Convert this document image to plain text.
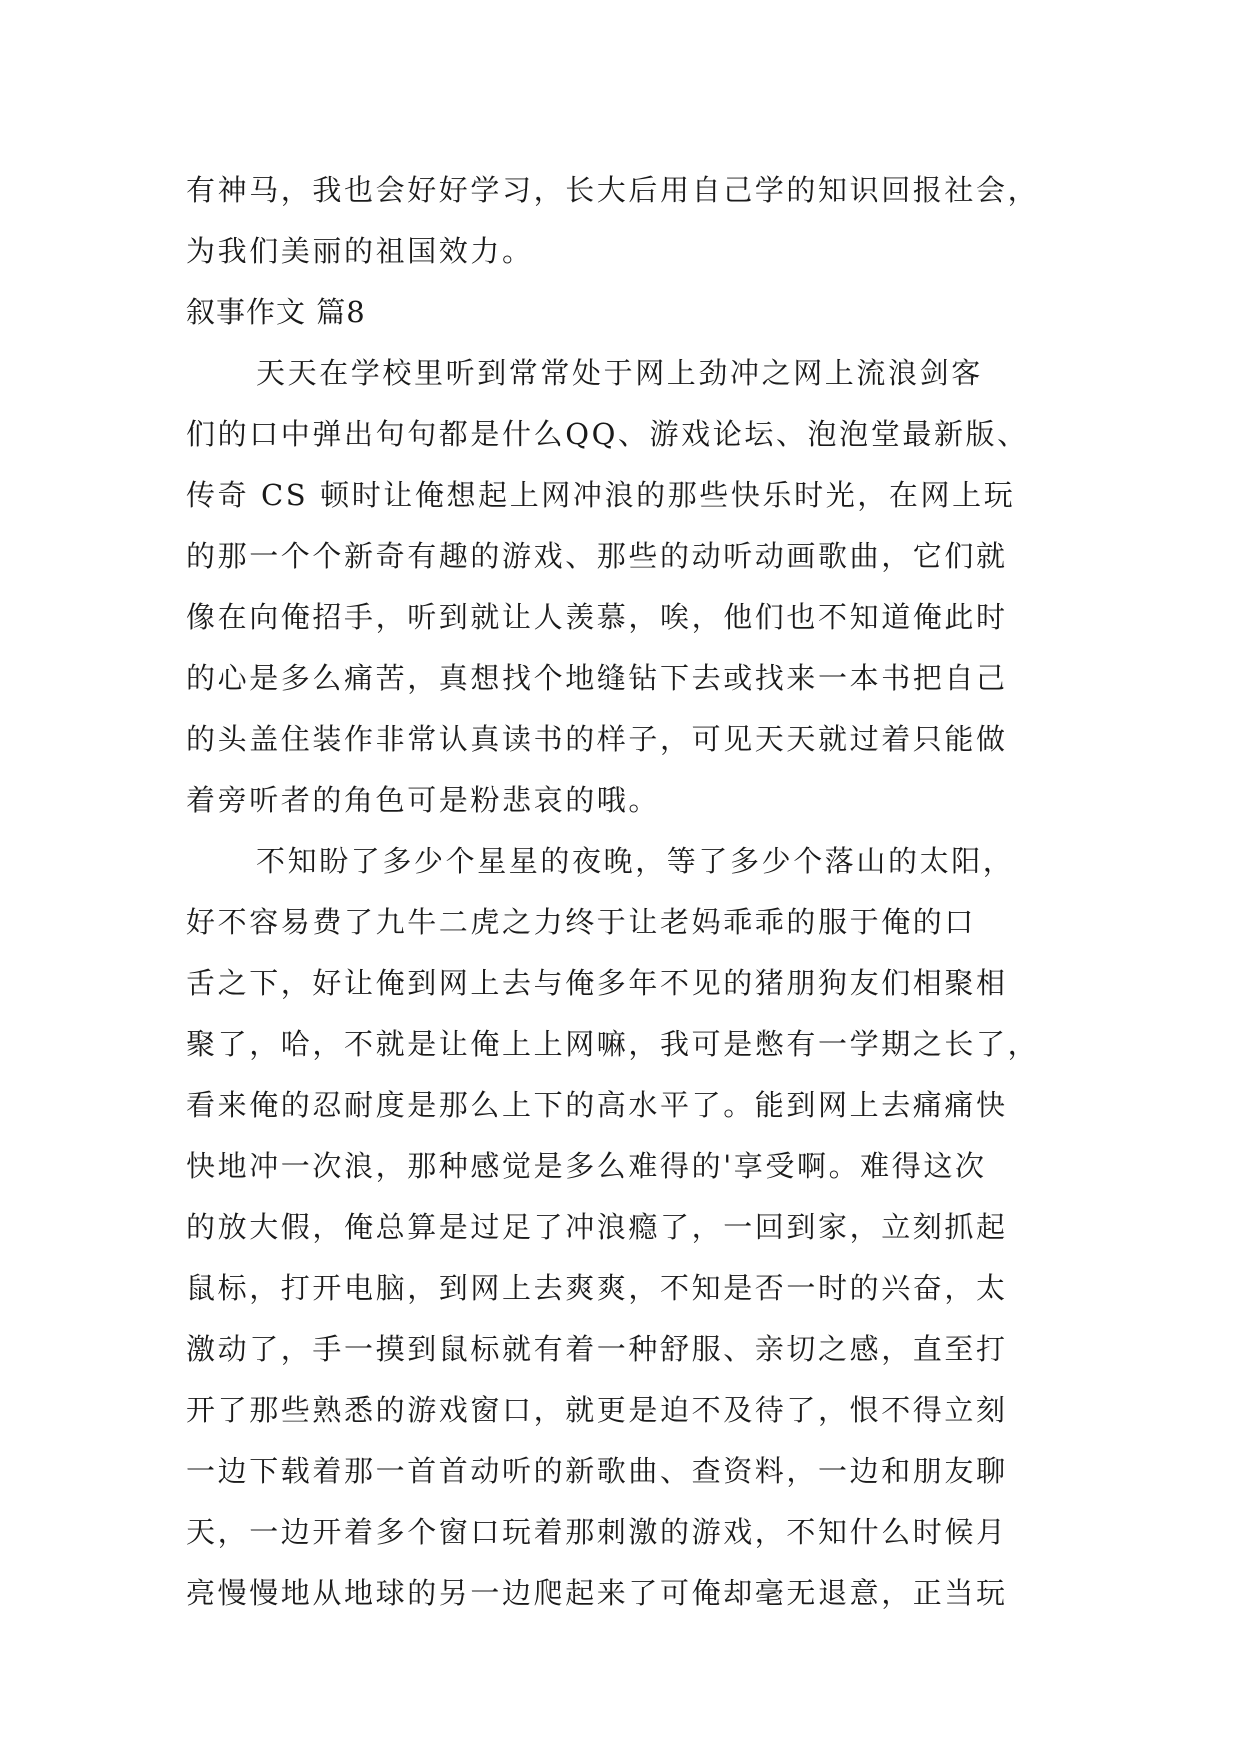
有神马，我也会好好学习，长大后用自己学的知识回报社会，
为我们美丽的祖国效力。
叙事作文 篇8
天天在学校里听到常常处于网上劲冲之网上流浪剑客
们的口中弹出句句都是什么QQ、游戏论坛、泡泡堂最新版、
传奇 CS 顿时让俺想起上网冲浪的那些快乐时光，在网上玩
的那一个个新奇有趣的游戏、那些的动听动画歌曲，它们就
像在向俺招手，听到就让人羡慕，唉，他们也不知道俺此时
的心是多么痛苦，真想找个地缝钻下去或找来一本书把自己
的头盖住装作非常认真读书的样子，可见天天就过着只能做
着旁听者的角色可是粉悲哀的哦。
不知盼了多少个星星的夜晚，等了多少个落山的太阳，
好不容易费了九牛二虎之力终于让老妈乖乖的服于俺的口
舌之下，好让俺到网上去与俺多年不见的猪朋狗友们相聚相
聚了，哈，不就是让俺上上网嘛，我可是憋有一学期之长了，
看来俺的忍耐度是那么上下的高水平了。能到网上去痛痛快
快地冲一次浪，那种感觉是多么难得的'享受啊。难得这次
的放大假，俺总算是过足了冲浪瘾了，一回到家，立刻抓起
鼠标，打开电脑，到网上去爽爽，不知是否一时的兴奋，太
激动了，手一摸到鼠标就有着一种舒服、亲切之感，直至打
开了那些熟悉的游戏窗口，就更是迫不及待了，恨不得立刻
一边下载着那一首首动听的新歌曲、查资料，一边和朋友聊
天，一边开着多个窗口玩着那刺激的游戏，不知什么时候月
亮慢慢地从地球的另一边爬起来了可俺却毫无退意，正当玩
